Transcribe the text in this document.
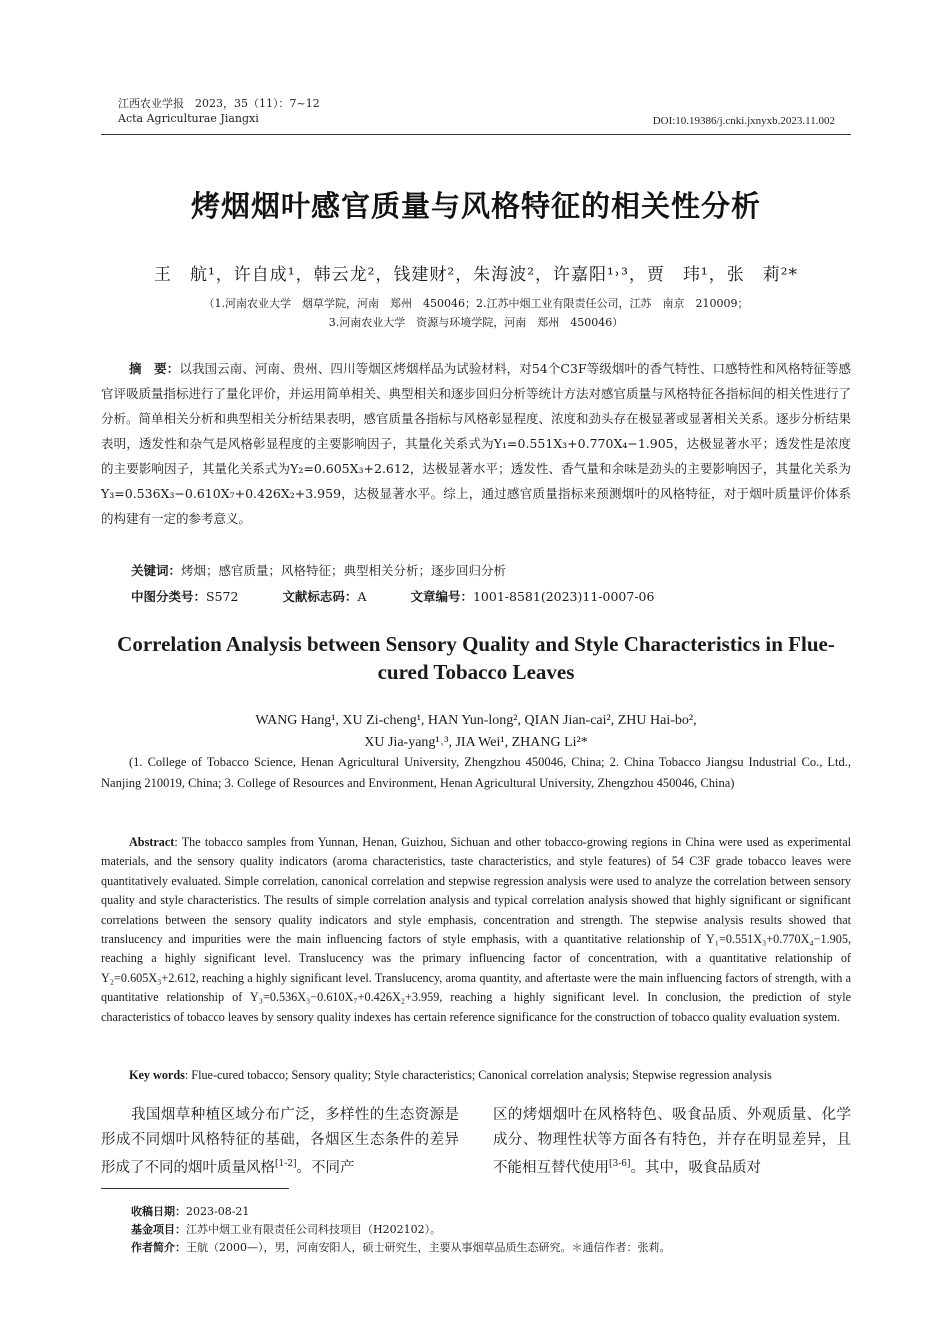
江西农业学报　2023，35（11）：7~12
Acta Agriculturae Jiangxi	DOI:10.19386/j.cnki.jxnyxb.2023.11.002
烤烟烟叶感官质量与风格特征的相关性分析
王　航¹，许自成¹，韩云龙²，钱建财²，朱海波²，许嘉阳¹˒³，贾　玮¹，张　莉²*
（1.河南农业大学　烟草学院，河南　郑州　450046；2.江苏中烟工业有限责任公司，江苏　南京　210009；
3.河南农业大学　资源与环境学院，河南　郑州　450046）
摘　要：以我国云南、河南、贵州、四川等烟区烤烟样品为试验材料，对54个C3F等级烟叶的香气特性、口感特性和风格特征等感官评吸质量指标进行了量化评价，并运用简单相关、典型相关和逐步回归分析等统计方法对感官质量与风格特征各指标间的相关性进行了分析。简单相关分析和典型相关分析结果表明，感官质量各指标与风格彰显程度、浓度和劲头存在极显著或显著相关关系。逐步分析结果表明，透发性和杂气是风格彰显程度的主要影响因子，其量化关系式为Y₁=0.551X₃+0.770X₄−1.905，达极显著水平；透发性是浓度的主要影响因子，其量化关系式为Y₂=0.605X₃+2.612，达极显著水平；透发性、香气量和余味是劲头的主要影响因子，其量化关系为Y₃=0.536X₃−0.610X₇+0.426X₂+3.959，达极显著水平。综上，通过感官质量指标来预测烟叶的风格特征，对于烟叶质量评价体系的构建有一定的参考意义。
关键词：烤烟；感官质量；风格特征；典型相关分析；逐步回归分析
中图分类号：S572	文献标志码：A	文章编号：1001-8581(2023)11-0007-06
Correlation Analysis between Sensory Quality and Style Characteristics in Flue-cured Tobacco Leaves
WANG Hang¹, XU Zi-cheng¹, HAN Yun-long², QIAN Jian-cai², ZHU Hai-bo²,
XU Jia-yang¹˒³, JIA Wei¹, ZHANG Li²*
(1. College of Tobacco Science, Henan Agricultural University, Zhengzhou 450046, China; 2. China Tobacco Jiangsu Industrial Co., Ltd., Nanjing 210019, China; 3. College of Resources and Environment, Henan Agricultural University, Zhengzhou 450046, China)
Abstract: The tobacco samples from Yunnan, Henan, Guizhou, Sichuan and other tobacco-growing regions in China were used as experimental materials, and the sensory quality indicators (aroma characteristics, taste characteristics, and style features) of 54 C3F grade tobacco leaves were quantitatively evaluated. Simple correlation, canonical correlation and stepwise regression analysis were used to analyze the correlation between sensory quality and style characteristics. The results of simple correlation analysis and typical correlation analysis showed that highly significant or significant correlations between the sensory quality indicators and style emphasis, concentration and strength. The stepwise analysis results showed that translucency and impurities were the main influencing factors of style emphasis, with a quantitative relationship of Y₁=0.551X₃+0.770X₄−1.905, reaching a highly significant level. Translucency was the primary influencing factor of concentration, with a quantitative relationship of Y₂=0.605X₃+2.612, reaching a highly significant level. Translucency, aroma quantity, and aftertaste were the main influencing factors of strength, with a quantitative relationship of Y₃=0.536X₃−0.610X₇+0.426X₂+3.959, reaching a highly significant level. In conclusion, the prediction of style characteristics of tobacco leaves by sensory quality indexes has certain reference significance for the construction of tobacco quality evaluation system.
Key words: Flue-cured tobacco; Sensory quality; Style characteristics; Canonical correlation analysis; Stepwise regression analysis
我国烟草种植区域分布广泛，多样性的生态资源是形成不同烟叶风格特征的基础，各烟区生态条件的差异形成了不同的烟叶质量风格[1-2]。不同产
区的烤烟烟叶在风格特色、吸食品质、外观质量、化学成分、物理性状等方面各有特色，并存在明显差异，且不能相互替代使用[3-6]。其中，吸食品质对
收稿日期：2023-08-21
基金项目：江苏中烟工业有限责任公司科技项目（H202102）。
作者简介：王航（2000—），男，河南安阳人，硕士研究生，主要从事烟草品质生态研究。＊通信作者：张莉。
